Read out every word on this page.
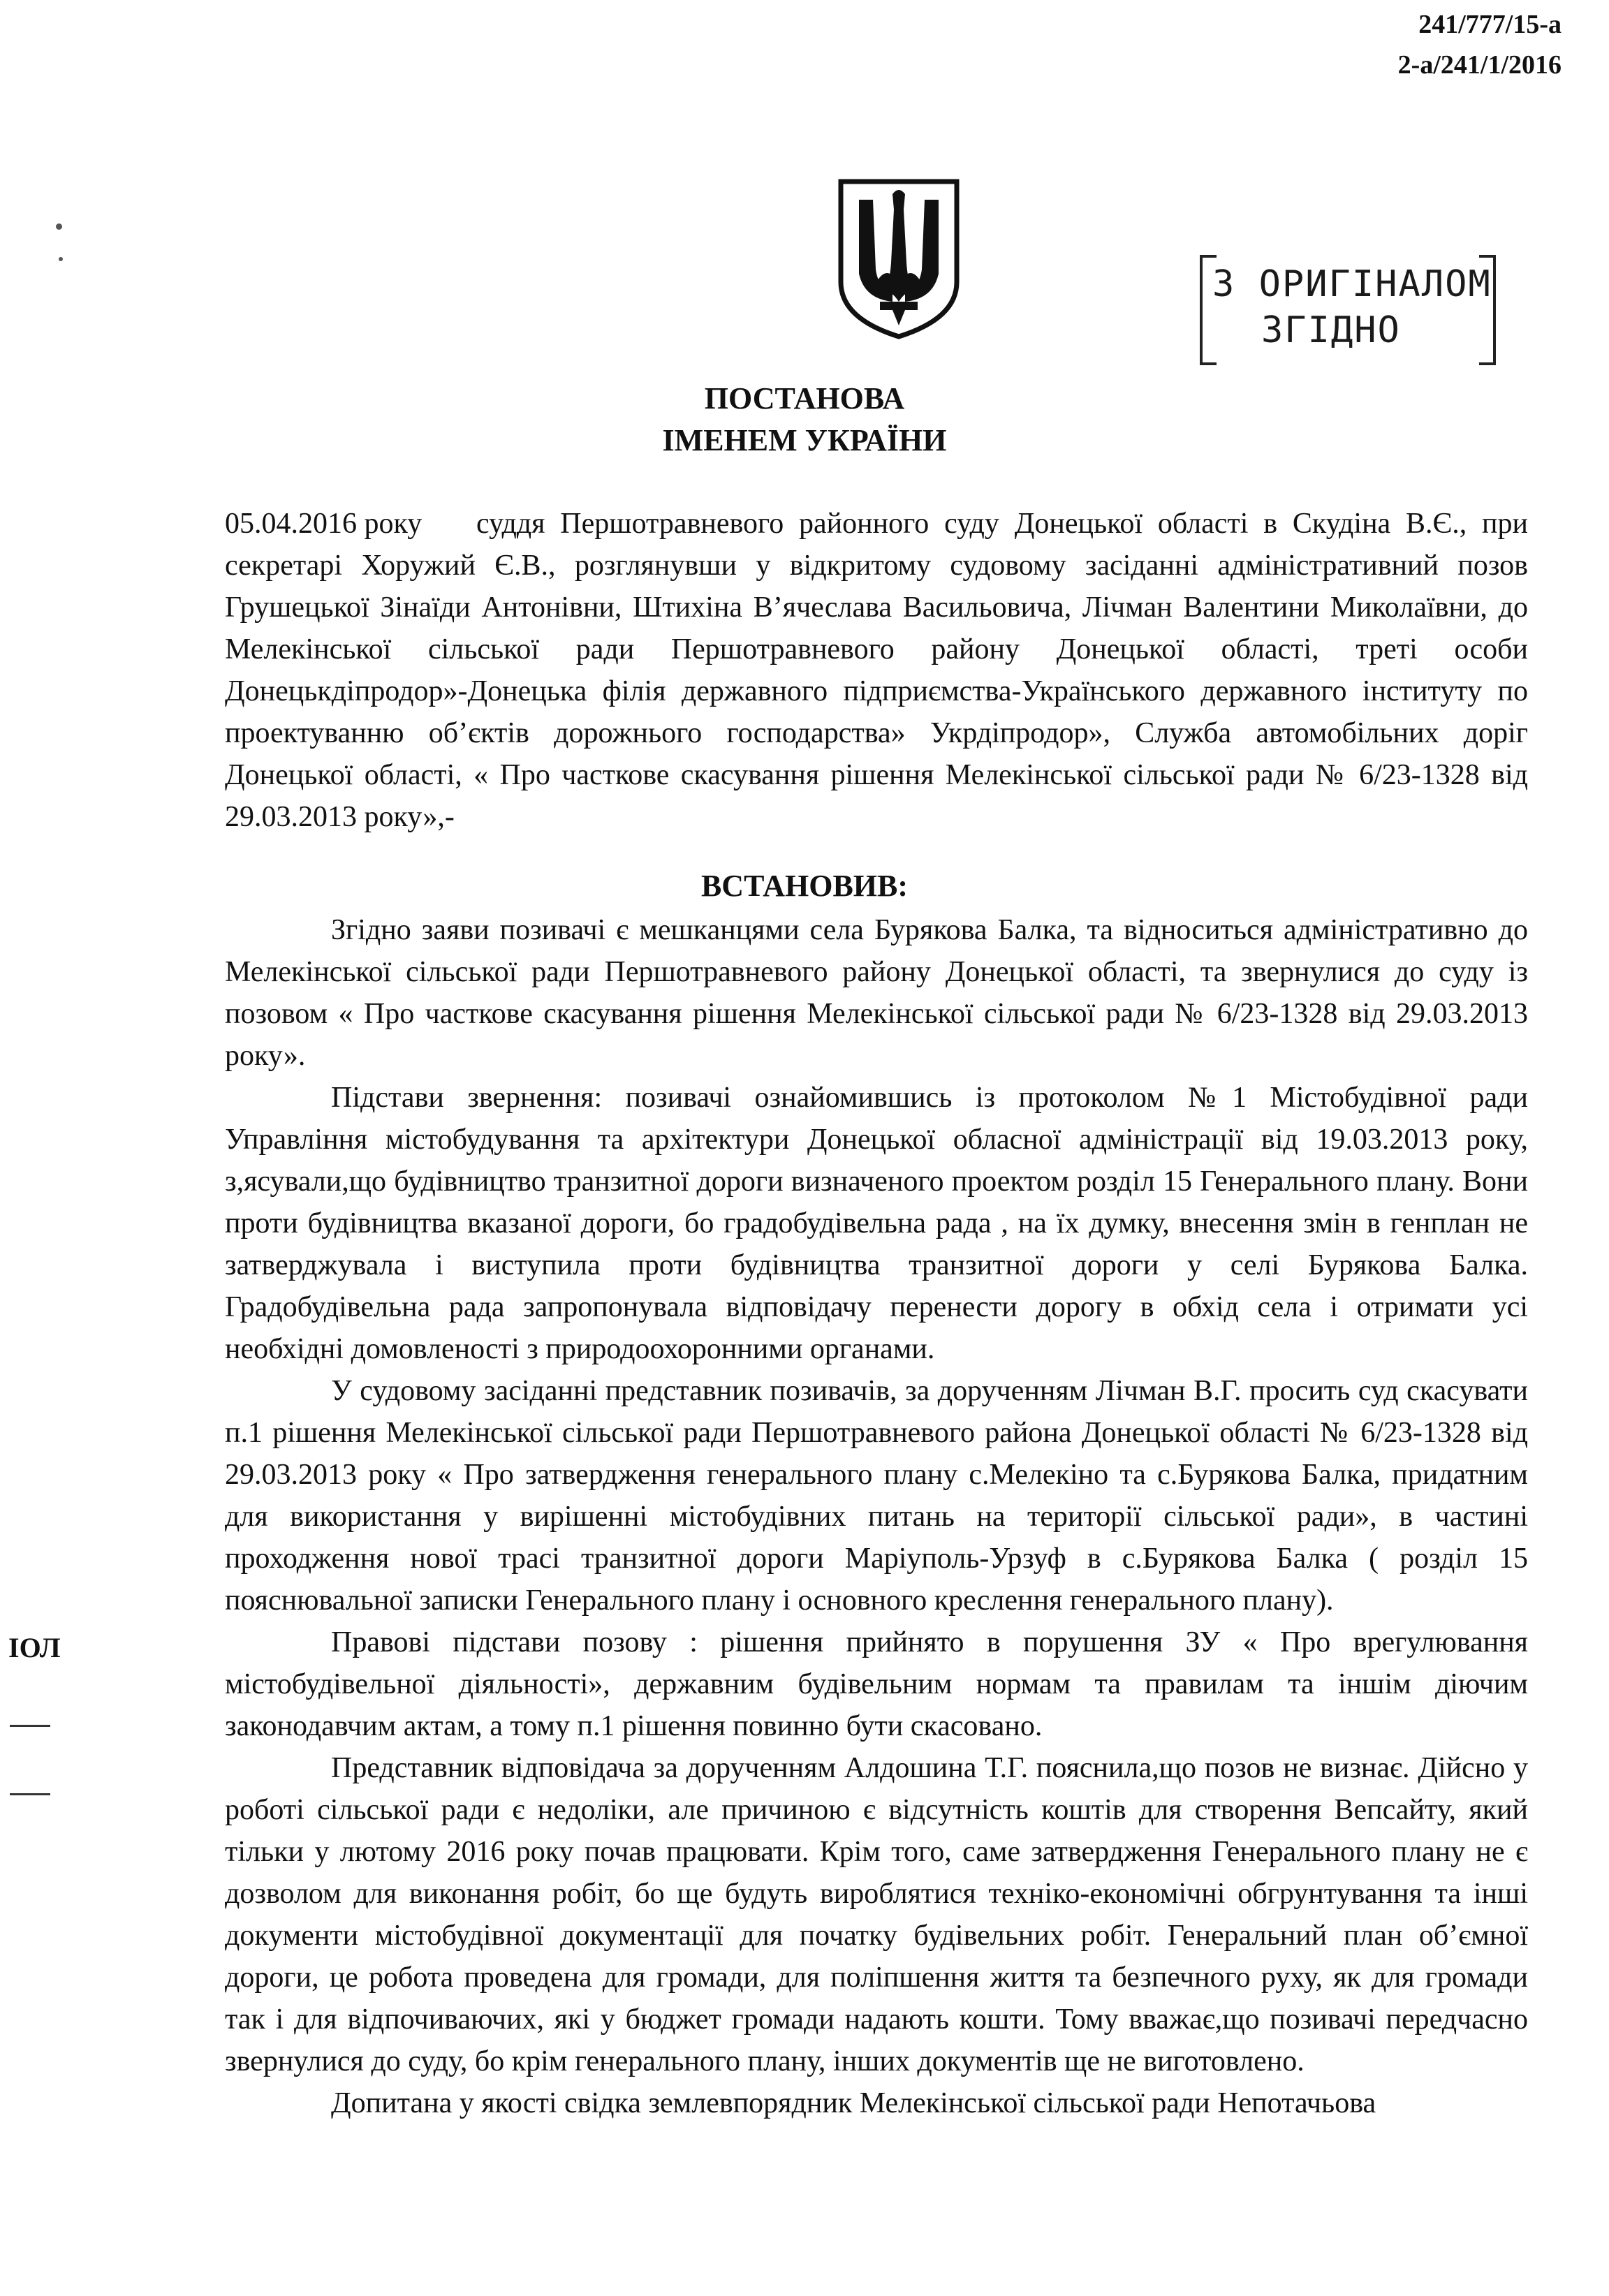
241/777/15-а
2-а/241/1/2016
З ОРИГІНАЛОМ
ЗГІДНО
ПОСТАНОВА
ІМЕНЕМ УКРАЇНИ

05.04.2016 року суддя Першотравневого районного суду Донецької області в Скудіна В.Є., при секретарі Хоружий Є.В., розглянувши у відкритому судовому засіданні адміністративний позов Грушецької Зінаїди Антонівни, Штихіна В’ячеслава Васильовича, Лічман Валентини Миколаївни, до Мелекінської сільської ради Першотравневого району Донецької області, треті особи Донецькдіпродор»-Донецька філія державного підприємства-Українського державного інституту по проектуванню об’єктів дорожнього господарства» Укрдіпродор», Служба автомобільних доріг Донецької області, « Про часткове скасування рішення Мелекінської сільської ради № 6/23-1328 від 29.03.2013 року»,-

ВСТАНОВИВ:

Згідно заяви позивачі є мешканцями села Бурякова Балка, та відноситься адміністративно до Мелекінської сільської ради Першотравневого району Донецької області, та звернулися до суду із позовом « Про часткове скасування рішення Мелекінської сільської ради № 6/23-1328 від 29.03.2013 року».

Підстави звернення: позивачі ознайомившись із протоколом №1 Містобудівної ради Управління містобудування та архітектури Донецької обласної адміністрації від 19.03.2013 року, з,ясували,що будівництво транзитної дороги визначеного проектом розділ 15 Генерального плану. Вони проти будівництва вказаної дороги, бо градобудівельна рада , на їх думку, внесення змін в генплан не затверджувала і виступила проти будівництва транзитної дороги у селі Бурякова Балка. Градобудівельна рада запропонувала відповідачу перенести дорогу в обхід села і отримати усі необхідні домовленості з природоохоронними органами.

У судовому засіданні представник позивачів, за дорученням Лічман В.Г. просить суд скасувати п.1 рішення Мелекінської сільської ради Першотравневого района Донецької області № 6/23-1328 від 29.03.2013 року « Про затвердження генерального плану с.Мелекіно та с.Бурякова Балка, придатним для використання у вирішенні містобудівних питань на території сільської ради», в частині проходження нової трасі транзитної дороги Маріуполь-Урзуф в с.Бурякова Балка ( розділ 15 пояснювальної записки Генерального плану і основного креслення генерального плану).

Правові підстави позову : рішення прийнято в порушення ЗУ « Про врегулювання містобудівельної діяльності», державним будівельним нормам та правилам та іншім діючим законодавчим актам, а тому п.1 рішення повинно бути скасовано.

Представник відповідача за дорученням Алдошина Т.Г. пояснила,що позов не визнає. Дійсно у роботі сільської ради є недоліки, але причиною є відсутність коштів для створення Вепсайту, який тільки у лютому 2016 року почав працювати. Крім того, саме затвердження Генерального плану не є дозволом для виконання робіт, бо ще будуть вироблятися техніко-економічні обгрунтування та інші документи містобудівної документації для початку будівельних робіт. Генеральний план об’ємної дороги, це робота проведена для громади, для поліпшення життя та безпечного руху, як для громади так і для відпочиваючих, які у бюджет громади надають кошти. Тому вважає,що позивачі передчасно звернулися до суду, бо крім генерального плану, інших документів ще не виготовлено.

Допитана у якості свідка землевпорядник Мелекінської сільської ради Непотачьова

ІОЛ
